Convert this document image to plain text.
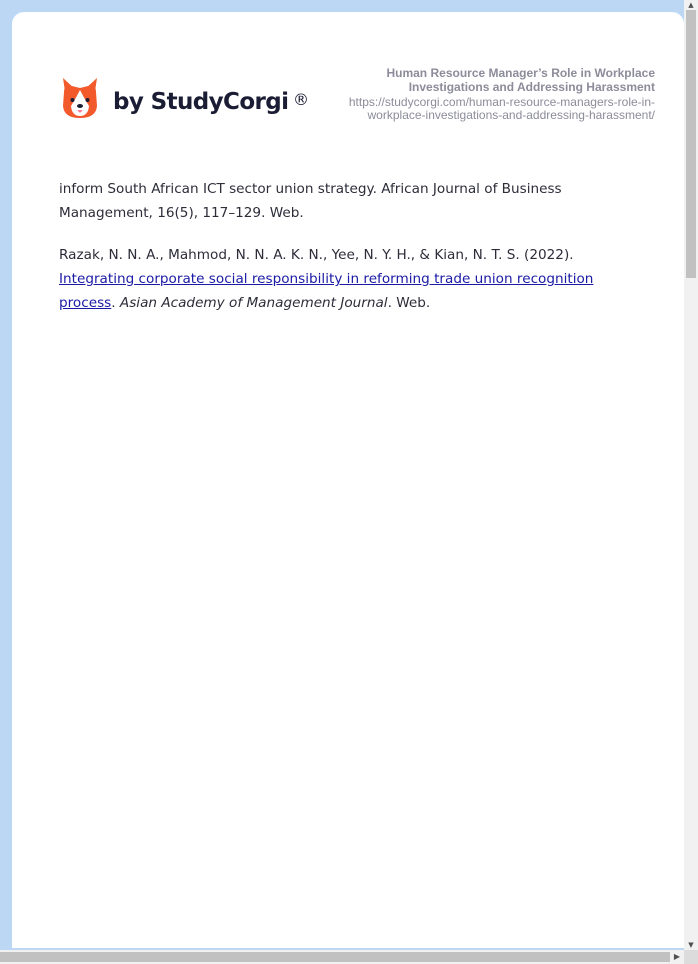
by StudyCorgi ®
Human Resource Manager’s Role in Workplace
Investigations and Addressing Harassment
https://studycorgi.com/human-resource-managers-role-in-
workplace-investigations-and-addressing-harassment/

inform South African ICT sector union strategy. African Journal of Business Management, 16(5), 117–129. Web.

Razak, N. N. A., Mahmod, N. N. A. K. N., Yee, N. Y. H., & Kian, N. T. S. (2022). Integrating corporate social responsibility in reforming trade union recognition process. Asian Academy of Management Journal. Web.

▲
▼
▶
